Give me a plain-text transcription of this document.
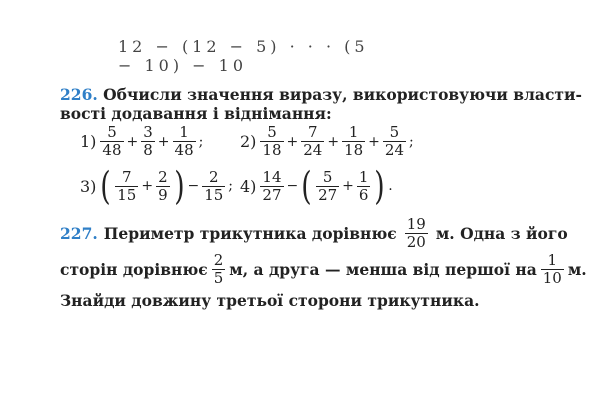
12 − (12 − 5) · · · (5 − 10) − 10
226. Обчисли значення виразу, використовуючи власти-
вості додавання і віднімання:
$1) \frac{5}{48} + \frac{3}{8} + \frac{1}{48}$ ; $2) \frac{5}{18} + \frac{7}{24} + \frac{1}{18} + \frac{5}{24}$ ;
3) ( $\frac{7}{15} + \frac{2}{9}$ ) − $\frac{2}{15}$ ; $4) \frac{14}{27}$ − ( $\frac{5}{27} + \frac{1}{6}$ ) .
227. Периметр трикутника дорівнює $\frac{19}{20} м$. Одна з його
сторін дорівнює $\frac{2}{5} м$, а друга — менша від першої на $\frac{1}{10} м$.
Знайди довжину третьої сторони трикутника.
